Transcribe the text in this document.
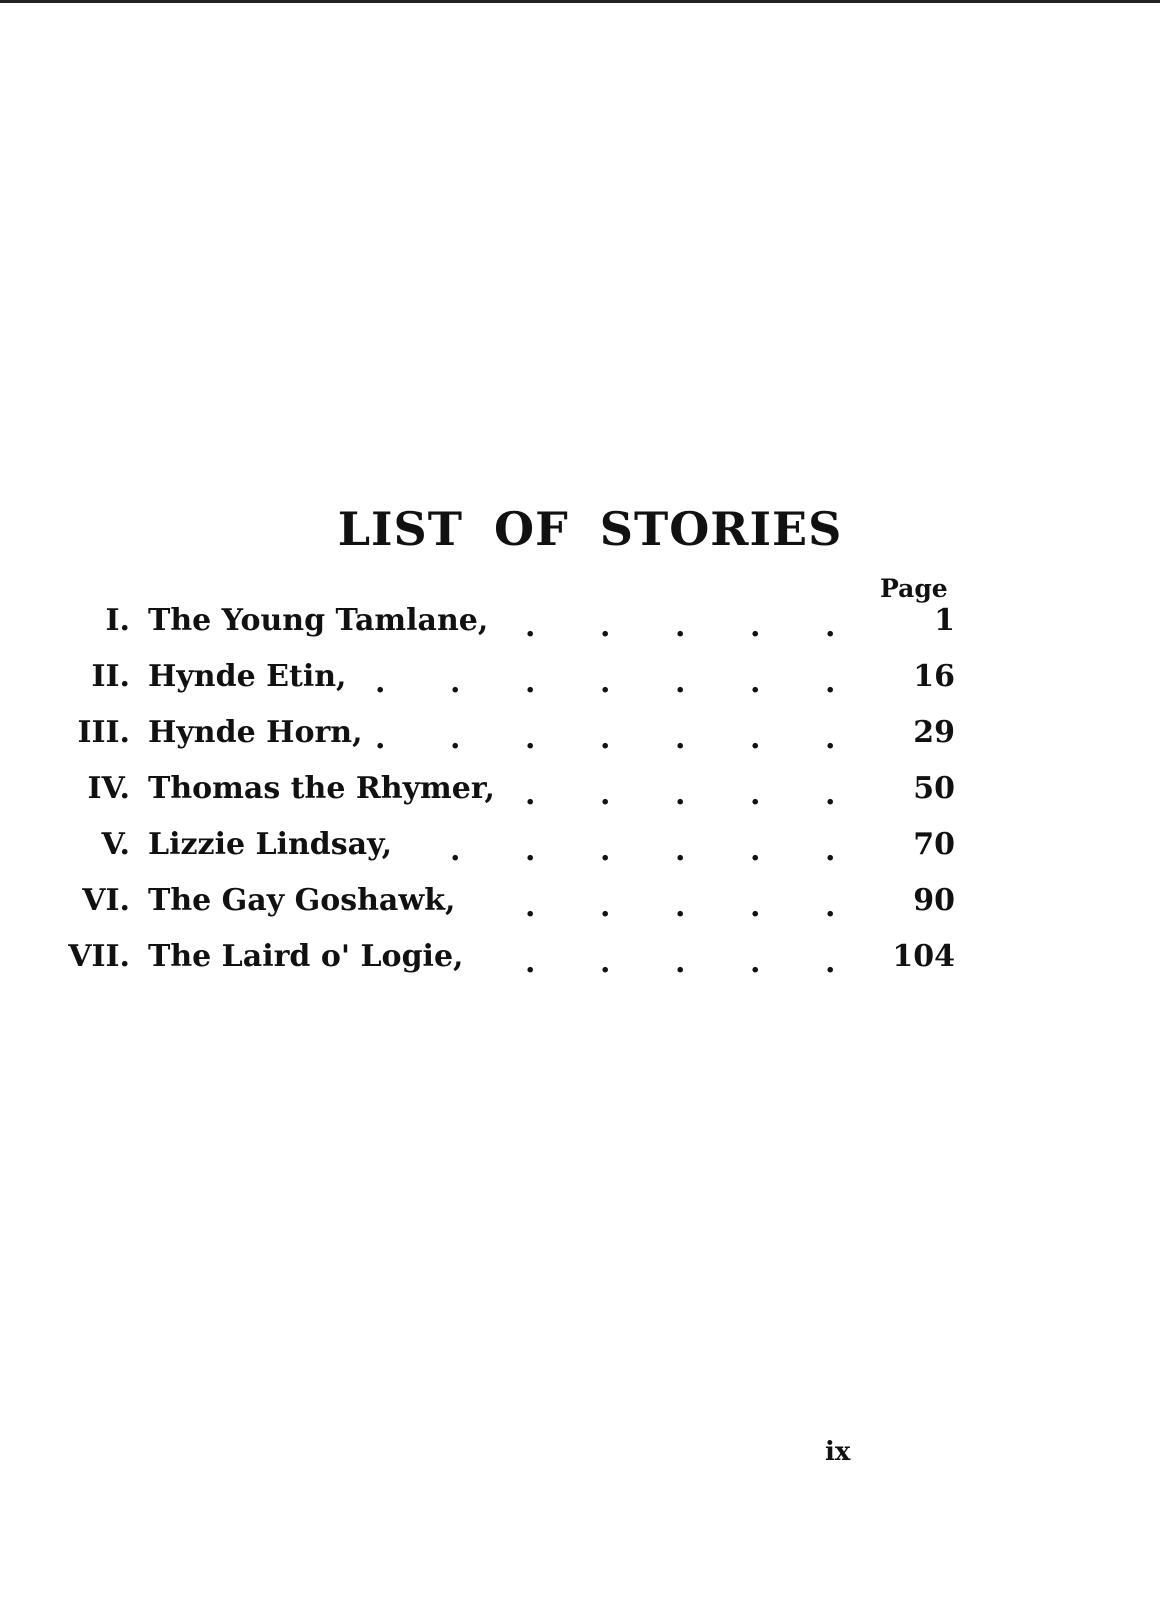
LIST OF STORIES
Page
I. The Young Tamlane, . . . . .	1
II. Hynde Etin, . . . . . . .	16
III. Hynde Horn, . . . . . . .	29
IV. Thomas the Rhymer, . . . . .	50
V. Lizzie Lindsay, . . . . . .	70
VI. The Gay Goshawk, . . . . .	90
VII. The Laird o' Logie, . . . . . 104
ix
